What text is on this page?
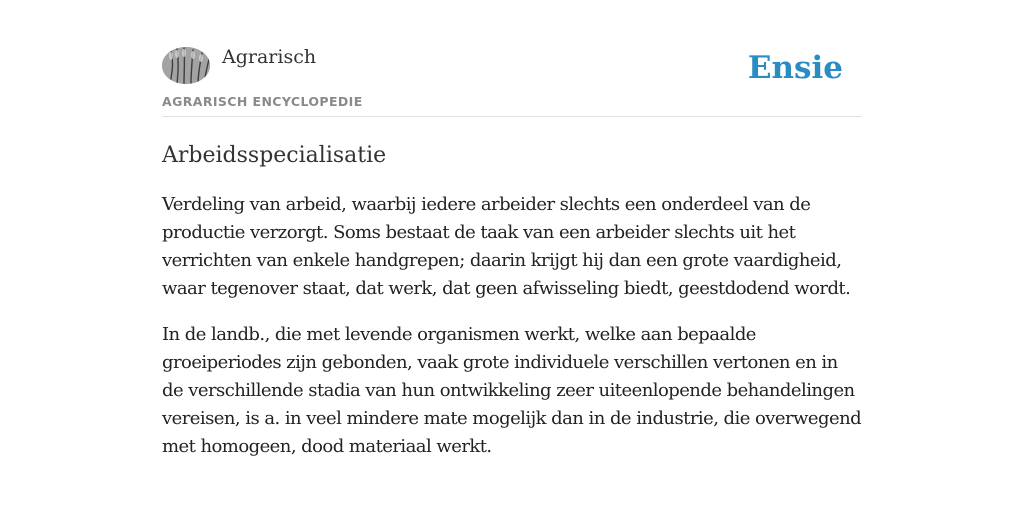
Agrarisch
AGRARISCH ENCYCLOPEDIE
Ensie
Arbeidsspecialisatie

Verdeling van arbeid, waarbij iedere arbeider slechts een onderdeel van de productie verzorgt. Soms bestaat de taak van een arbeider slechts uit het verrichten van enkele handgrepen; daarin krijgt hij dan een grote vaardigheid, waar tegenover staat, dat werk, dat geen afwisseling biedt, geestdodend wordt.

In de landb., die met levende organismen werkt, welke aan bepaalde groeiperiodes zijn gebonden, vaak grote individuele verschillen vertonen en in de verschillende stadia van hun ontwikkeling zeer uiteenlopende behandelingen vereisen, is a. in veel mindere mate mogelijk dan in de industrie, die overwegend met homogeen, dood materiaal werkt.
